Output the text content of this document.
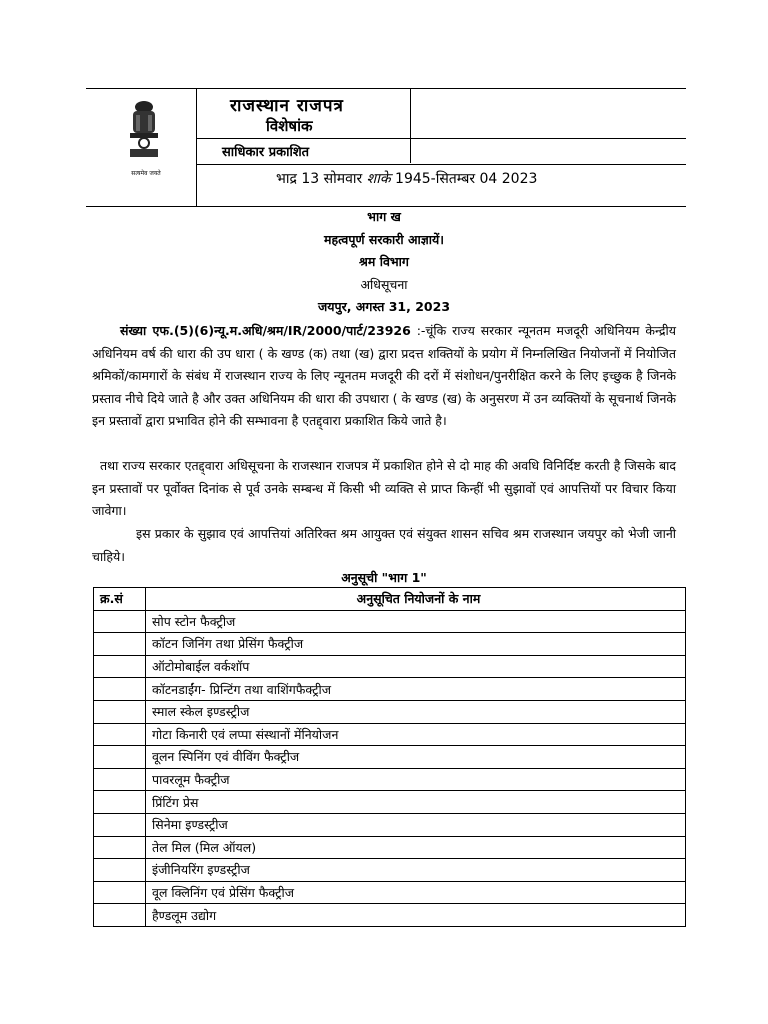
सत्यमेव जयते
राजस्थान राजपत्र
विशेषांक
साधिकार प्रकाशित
भाद्र 13 सोमवार शाके 1945-सितम्बर 04 2023
भाग ख
महत्वपूर्ण सरकारी आज्ञायें।
श्रम विभाग
अधिसूचना
जयपुर, अगस्त 31, 2023

संख्या एफ.(5)(6)न्यू.म.अधि/श्रम/IR/2000/पार्ट/23926 :-चूंकि राज्य सरकार न्यूनतम मजदूरी अधिनियम केन्द्रीय अधिनियम वर्ष की धारा की उप धारा ( के खण्ड (क) तथा (ख) द्वारा प्रदत्त शक्तियों के प्रयोग में निम्नलिखित नियोजनों में नियोजित श्रमिकों/कामगारों के संबंध में राजस्थान राज्य के लिए न्यूनतम मजदूरी की दरों में संशोधन/पुनरीक्षित करने के लिए इच्छुक है जिनके प्रस्ताव नीचे दिये जाते है और उक्त अधिनियम की धारा की उपधारा ( के खण्ड (ख) के अनुसरण में उन व्यक्तियों के सूचनार्थ जिनके इन प्रस्तावों द्वारा प्रभावित होने की सम्भावना है एतद्द्वारा प्रकाशित किये जाते है।

तथा राज्य सरकार एतद्द्वारा अधिसूचना के राजस्थान राजपत्र में प्रकाशित होने से दो माह की अवधि विनिर्दिष्ट करती है जिसके बाद इन प्रस्तावों पर पूर्वोक्त दिनांक से पूर्व उनके सम्बन्ध में किसी भी व्यक्ति से प्राप्त किन्हीं भी सुझावों एवं आपत्तियों पर विचार किया जावेगा।

इस प्रकार के सुझाव एवं आपत्तियां अतिरिक्त श्रम आयुक्त एवं संयुक्त शासन सचिव श्रम राजस्थान जयपुर को भेजी जानी चाहिये।

अनुसूची "भाग 1"
क्र.सं	अनुसूचित नियोजनों के नाम
	सोप स्टोन फैक्ट्रीज
	कॉटन जिनिंग तथा प्रेसिंग फैक्ट्रीज
	ऑटोमोबाईल वर्कशॉप
	कॉटनडाईंग- प्रिन्टिंग तथा वाशिंगफैक्ट्रीज
	स्माल स्केल इण्डस्ट्रीज
	गोटा किनारी एवं लप्पा संस्थानों मेंनियोजन
	वूलन स्पिनिंग एवं वीविंग फैक्ट्रीज
	पावरलूम फैक्ट्रीज
	प्रिंटिंग प्रेस
	सिनेमा इण्डस्ट्रीज
	तेल मिल (मिल ऑयल)
	इंजीनियरिंग इण्डस्ट्रीज
	वूल क्लिनिंग एवं प्रेसिंग फैक्ट्रीज
	हैण्डलूम उद्योग
